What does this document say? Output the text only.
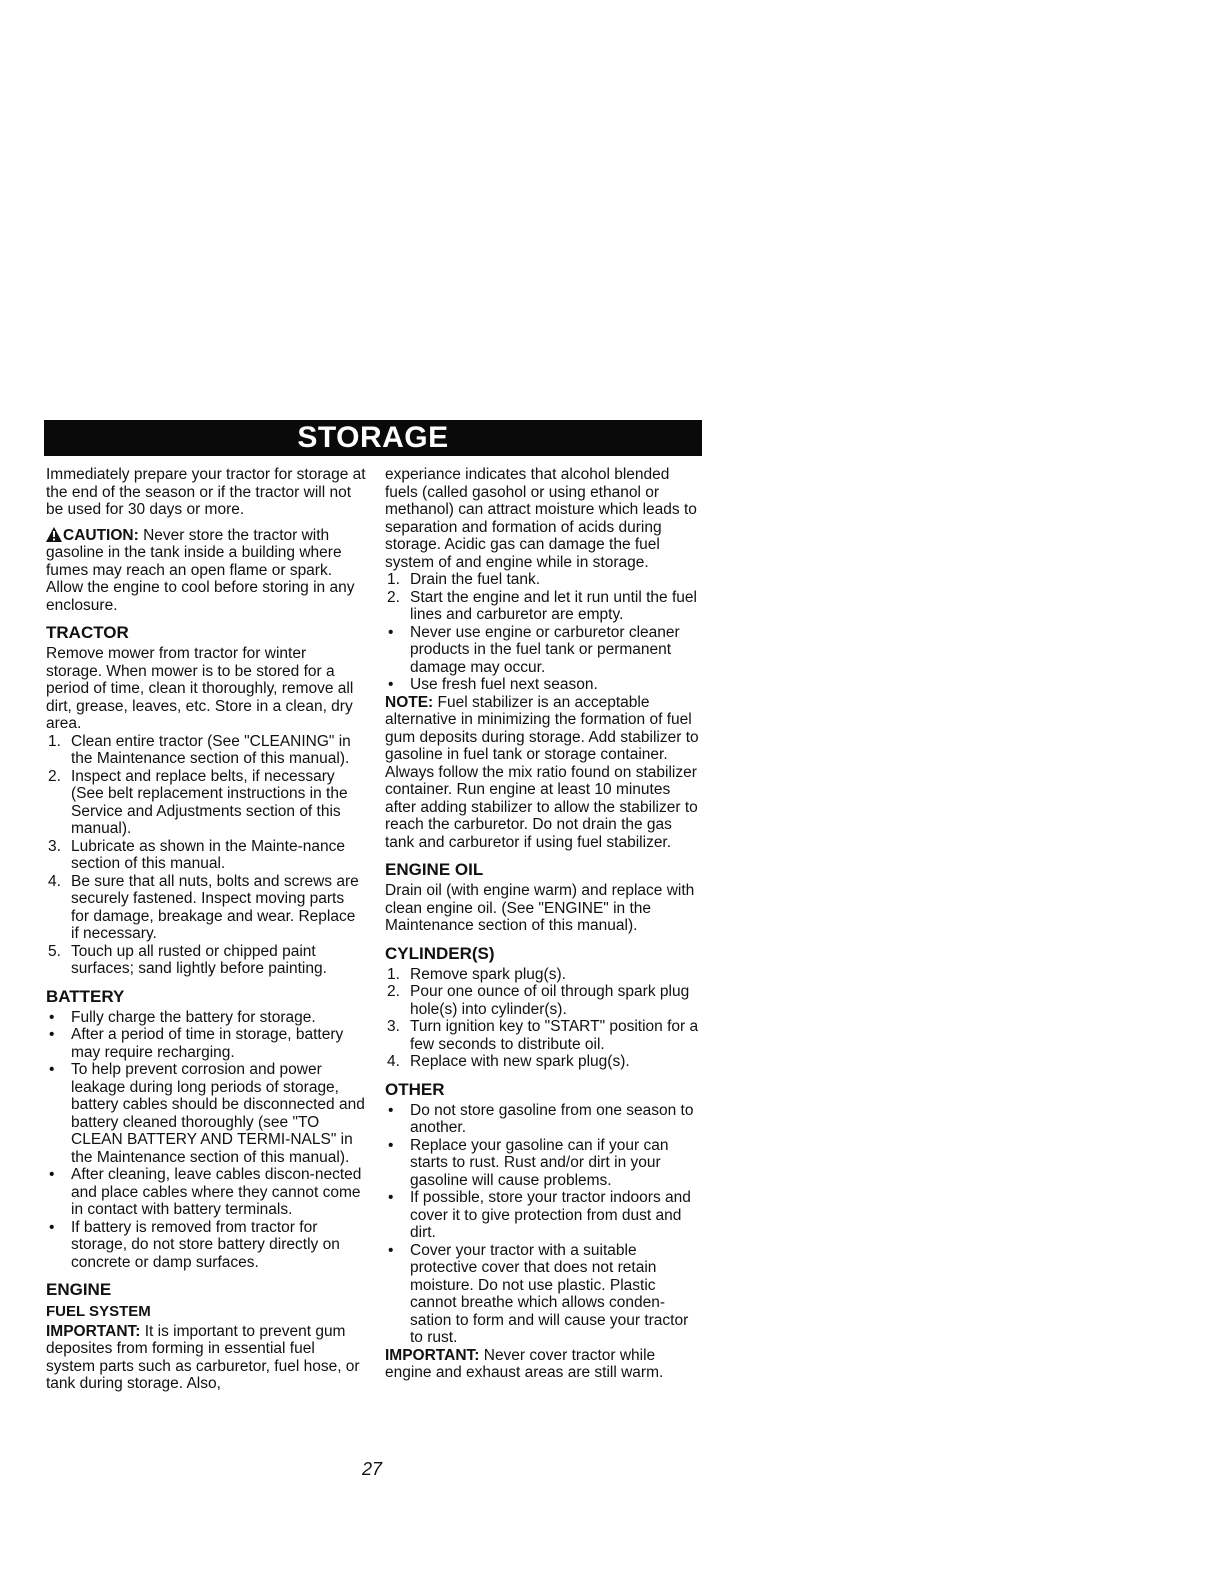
STORAGE

Immediately prepare your tractor for storage at the end of the season or if the tractor will not be used for 30 days or more.

CAUTION: Never store the tractor with gasoline in the tank inside a building where fumes may reach an open flame or spark. Allow the engine to cool before storing in any enclosure.

TRACTOR

Remove mower from tractor for winter storage. When mower is to be stored for a period of time, clean it thoroughly, remove all dirt, grease, leaves, etc. Store in a clean, dry area.

1. Clean entire tractor (See "CLEANING" in the Maintenance section of this manual).
2. Inspect and replace belts, if necessary (See belt replacement instructions in the Service and Adjustments section of this manual).
3. Lubricate as shown in the Mainte-nance section of this manual.
4. Be sure that all nuts, bolts and screws are securely fastened. Inspect moving parts for damage, breakage and wear. Replace if necessary.
5. Touch up all rusted or chipped paint surfaces; sand lightly before painting.
BATTERY
• Fully charge the battery for storage.
• After a period of time in storage, battery may require recharging.
• To help prevent corrosion and power leakage during long periods of storage, battery cables should be disconnected and battery cleaned thoroughly (see "TO CLEAN BATTERY AND TERMI-NALS" in the Maintenance section of this manual).
• After cleaning, leave cables discon-nected and place cables where they cannot come in contact with battery terminals.
• If battery is removed from tractor for storage, do not store battery directly on concrete or damp surfaces.
ENGINE
FUEL SYSTEM

IMPORTANT: It is important to prevent gum deposites from forming in essential fuel system parts such as carburetor, fuel hose, or tank during storage. Also,

experiance indicates that alcohol blended fuels (called gasohol or using ethanol or methanol) can attract moisture which leads to separation and formation of acids during storage. Acidic gas can damage the fuel system of and engine while in storage.

1. Drain the fuel tank.
2. Start the engine and let it run until the fuel lines and carburetor are empty.
• Never use engine or carburetor cleaner products in the fuel tank or permanent damage may occur.
• Use fresh fuel next season.

NOTE: Fuel stabilizer is an acceptable alternative in minimizing the formation of fuel gum deposits during storage. Add stabilizer to gasoline in fuel tank or storage container. Always follow the mix ratio found on stabilizer container. Run engine at least 10 minutes after adding stabilizer to allow the stabilizer to reach the carburetor. Do not drain the gas tank and carburetor if using fuel stabilizer.

ENGINE OIL

Drain oil (with engine warm) and replace with clean engine oil. (See "ENGINE" in the Maintenance section of this manual).

CYLINDER(S)
1. Remove spark plug(s).
2. Pour one ounce of oil through spark plug hole(s) into cylinder(s).
3. Turn ignition key to "START" position for a few seconds to distribute oil.
4. Replace with new spark plug(s).
OTHER
• Do not store gasoline from one season to another.
• Replace your gasoline can if your can starts to rust. Rust and/or dirt in your gasoline will cause problems.
• If possible, store your tractor indoors and cover it to give protection from dust and dirt.
• Cover your tractor with a suitable protective cover that does not retain moisture. Do not use plastic. Plastic cannot breathe which allows conden-sation to form and will cause your tractor to rust.

IMPORTANT: Never cover tractor while engine and exhaust areas are still warm.

27
